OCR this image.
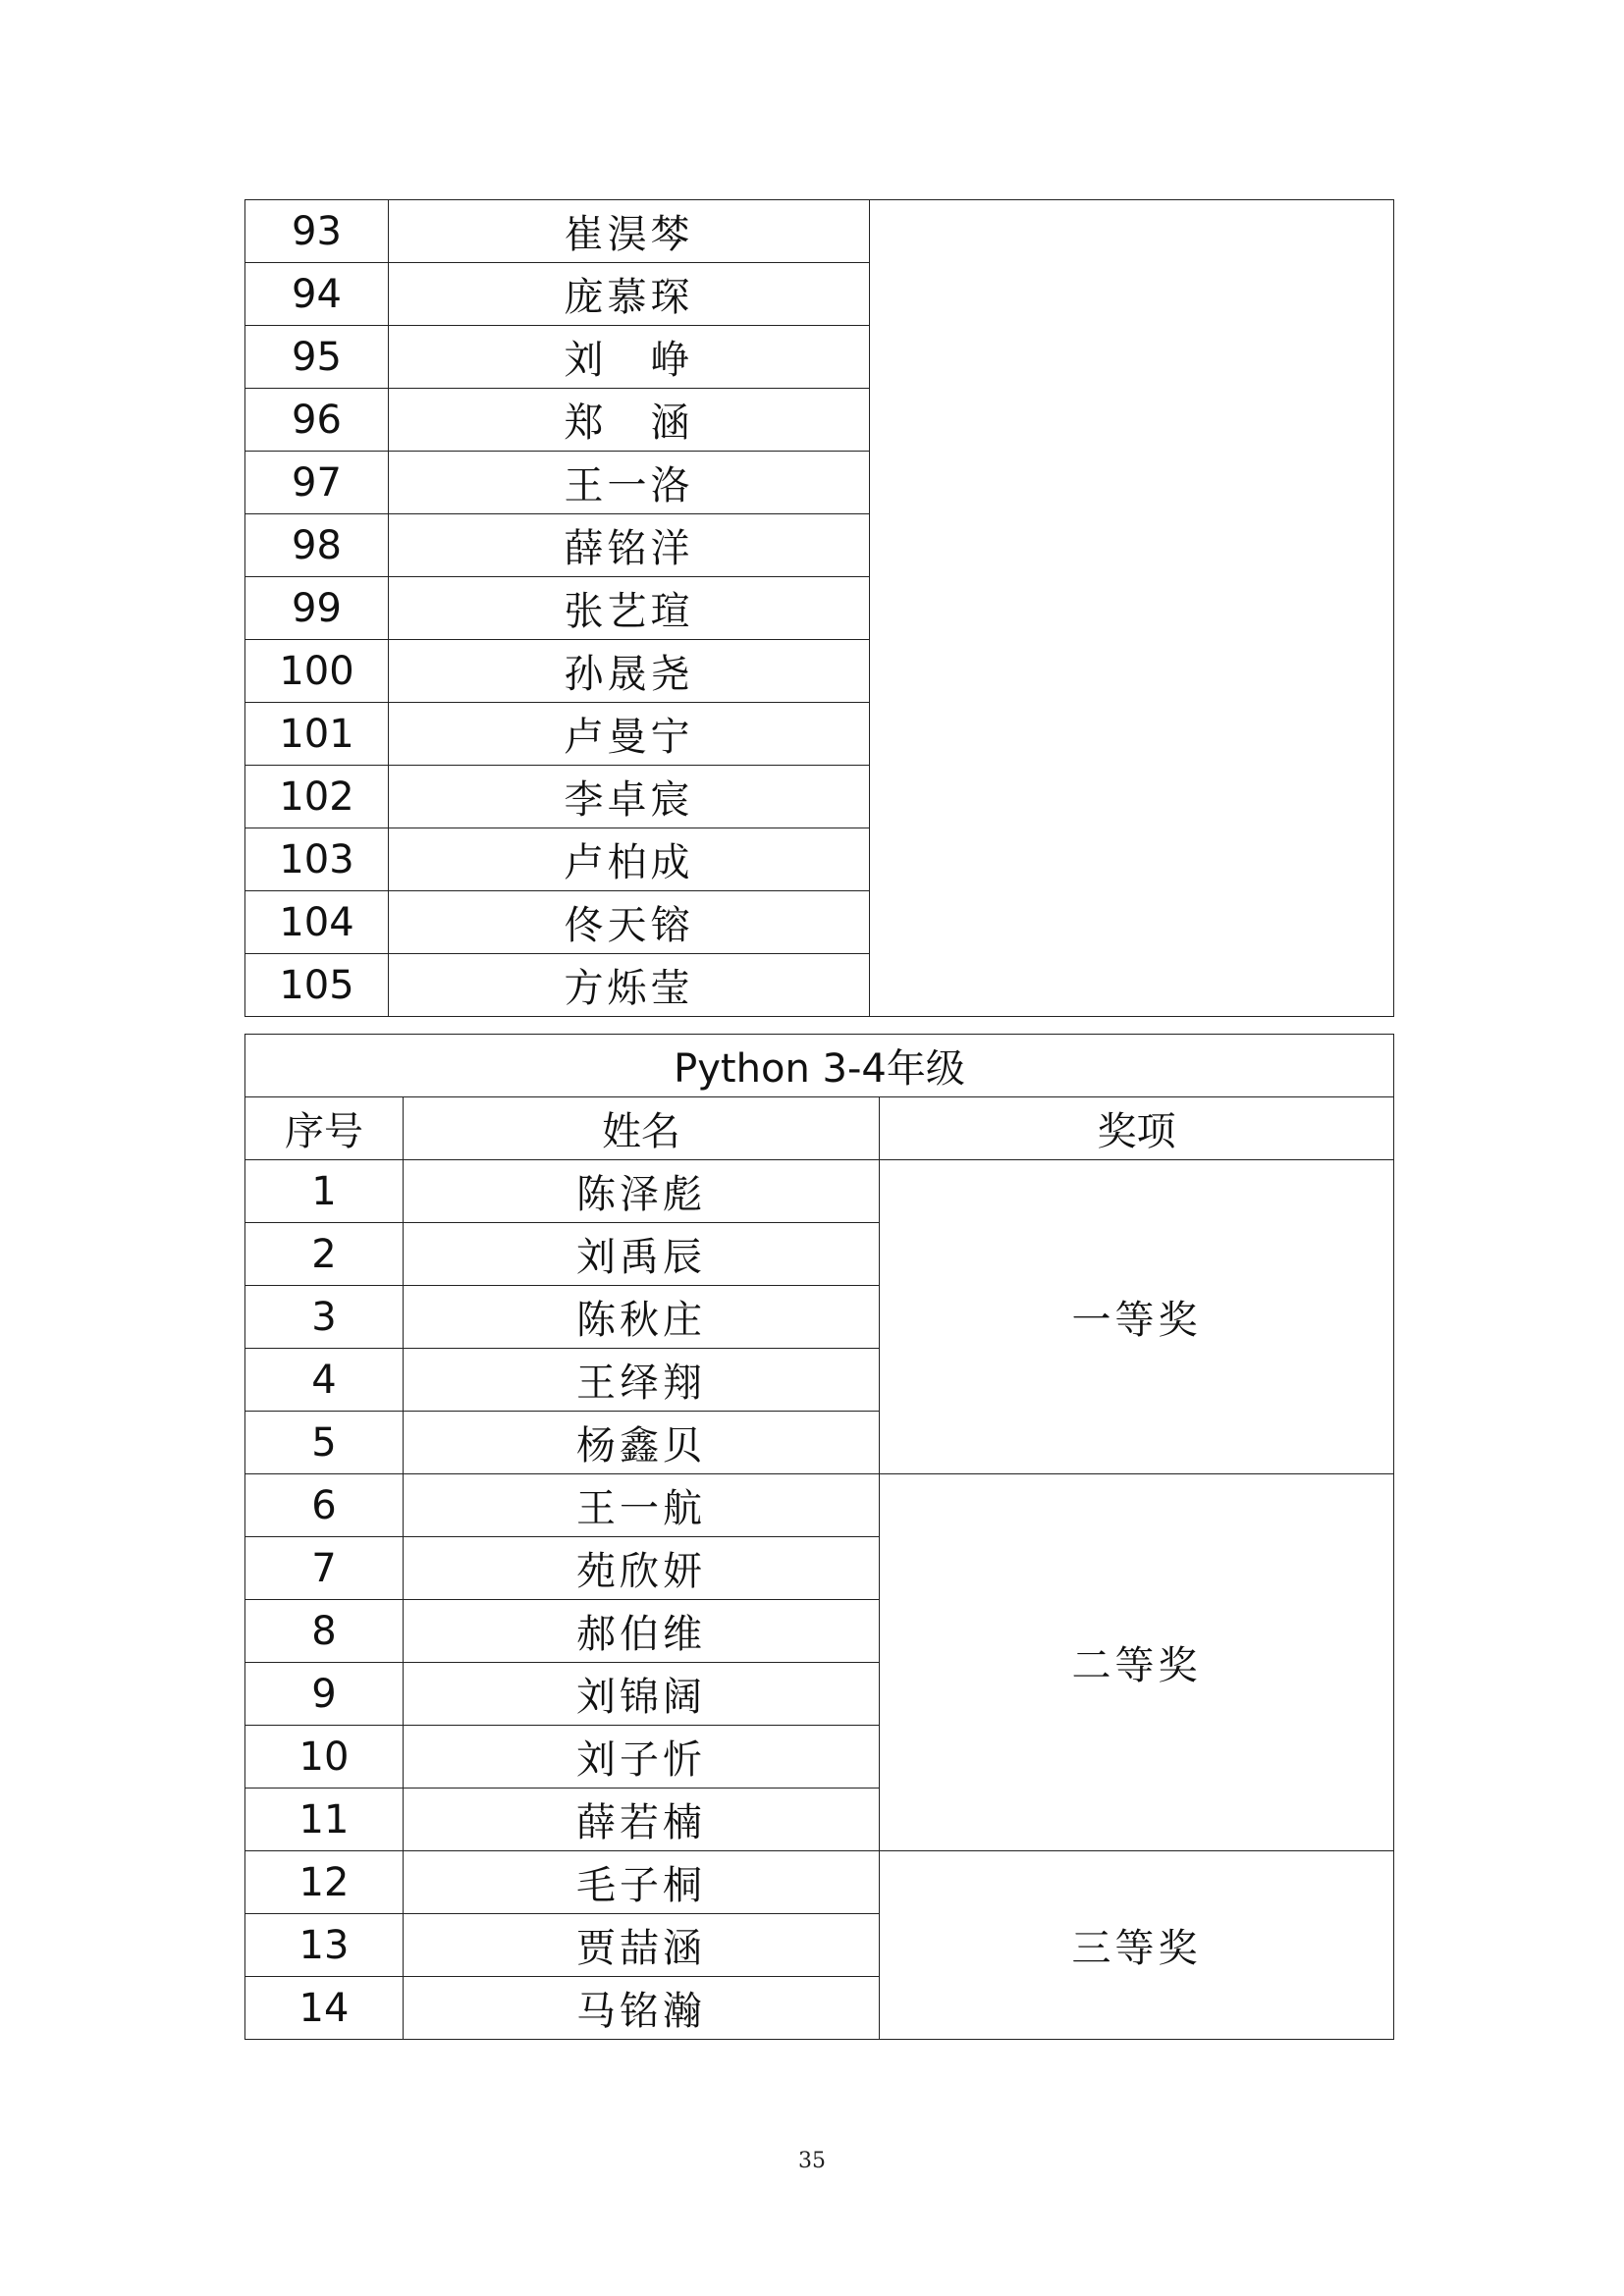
93	崔淏棽	
94	庞慕琛	
95	刘　峥	
96	郑　涵	
97	王一洛	
98	薛铭洋	
99	张艺瑄	
100	孙晟尧	
101	卢曼宁	
102	李卓宸	
103	卢柏成	
104	佟天镕	
105	方烁莹	
Python 3-4年级		
序号	姓名	奖项
1	陈泽彪	一等奖
2	刘禹辰	
3	陈秋庄	
4	王绎翔	
5	杨鑫贝	
6	王一航	二等奖
7	苑欣妍	
8	郝伯维	
9	刘锦阔	
10	刘子忻	
11	薛若楠	
12	毛子桐	三等奖
13	贾喆涵	
14	马铭瀚	
35
